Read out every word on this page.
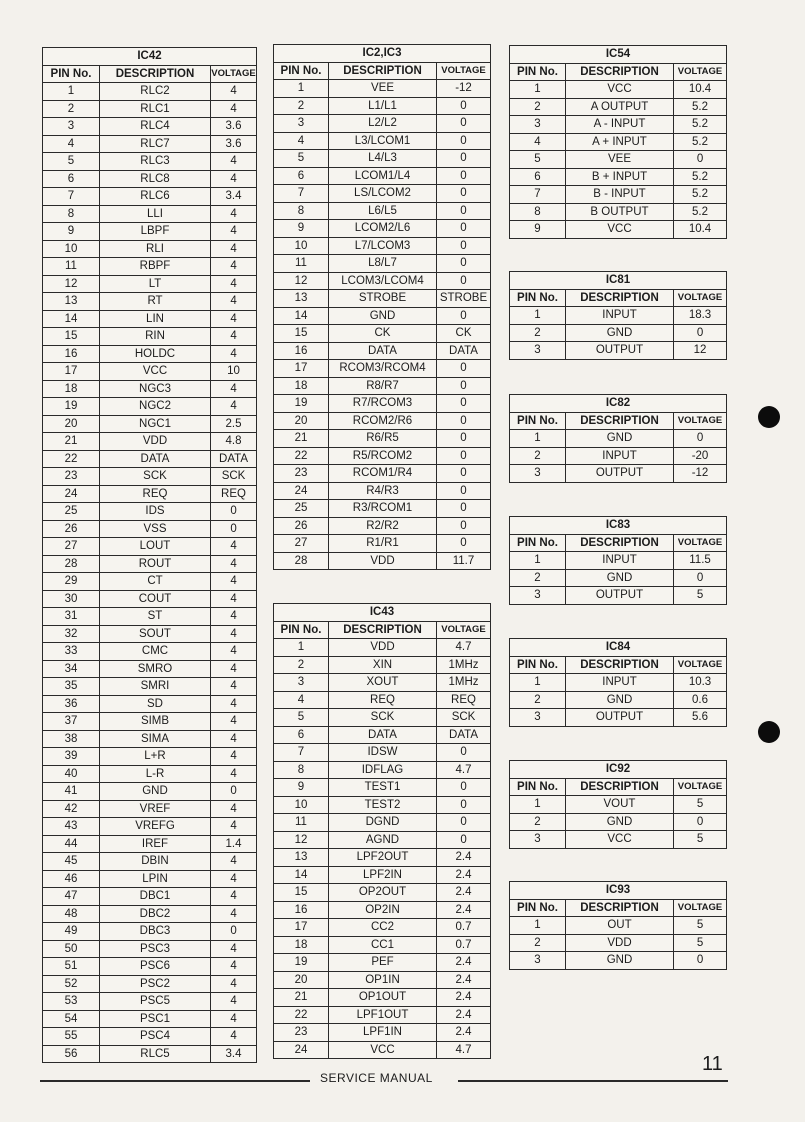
IC42		
PIN No.	DESCRIPTION	VOLTAGE
1	RLC2	4
2	RLC1	4
3	RLC4	3.6
4	RLC7	3.6
5	RLC3	4
6	RLC8	4
7	RLC6	3.4
8	LLI	4
9	LBPF	4
10	RLI	4
11	RBPF	4
12	LT	4
13	RT	4
14	LIN	4
15	RIN	4
16	HOLDC	4
17	VCC	10
18	NGC3	4
19	NGC2	4
20	NGC1	2.5
21	VDD	4.8
22	DATA	DATA
23	SCK	SCK
24	REQ	REQ
25	IDS	0
26	VSS	0
27	LOUT	4
28	ROUT	4
29	CT	4
30	COUT	4
31	ST	4
32	SOUT	4
33	CMC	4
34	SMRO	4
35	SMRI	4
36	SD	4
37	SIMB	4
38	SIMA	4
39	L+R	4
40	L-R	4
41	GND	0
42	VREF	4
43	VREFG	4
44	IREF	1.4
45	DBIN	4
46	LPIN	4
47	DBC1	4
48	DBC2	4
49	DBC3	0
50	PSC3	4
51	PSC6	4
52	PSC2	4
53	PSC5	4
54	PSC1	4
55	PSC4	4
56	RLC5	3.4
IC2,IC3		
PIN No.	DESCRIPTION	VOLTAGE
1	VEE	-12
2	L1/L1	0
3	L2/L2	0
4	L3/LCOM1	0
5	L4/L3	0
6	LCOM1/L4	0
7	LS/LCOM2	0
8	L6/L5	0
9	LCOM2/L6	0
10	L7/LCOM3	0
11	L8/L7	0
12	LCOM3/LCOM4	0
13	STROBE	STROBE
14	GND	0
15	CK	CK
16	DATA	DATA
17	RCOM3/RCOM4	0
18	R8/R7	0
19	R7/RCOM3	0
20	RCOM2/R6	0
21	R6/R5	0
22	R5/RCOM2	0
23	RCOM1/R4	0
24	R4/R3	0
25	R3/RCOM1	0
26	R2/R2	0
27	R1/R1	0
28	VDD	11.7
IC43		
PIN No.	DESCRIPTION	VOLTAGE
1	VDD	4.7
2	XIN	1MHz
3	XOUT	1MHz
4	REQ	REQ
5	SCK	SCK
6	DATA	DATA
7	IDSW	0
8	IDFLAG	4.7
9	TEST1	0
10	TEST2	0
11	DGND	0
12	AGND	0
13	LPF2OUT	2.4
14	LPF2IN	2.4
15	OP2OUT	2.4
16	OP2IN	2.4
17	CC2	0.7
18	CC1	0.7
19	PEF	2.4
20	OP1IN	2.4
21	OP1OUT	2.4
22	LPF1OUT	2.4
23	LPF1IN	2.4
24	VCC	4.7
IC54		
PIN No.	DESCRIPTION	VOLTAGE
1	VCC	10.4
2	A OUTPUT	5.2
3	A - INPUT	5.2
4	A + INPUT	5.2
5	VEE	0
6	B + INPUT	5.2
7	B - INPUT	5.2
8	B OUTPUT	5.2
9	VCC	10.4
IC81		
PIN No.	DESCRIPTION	VOLTAGE
1	INPUT	18.3
2	GND	0
3	OUTPUT	12
IC82		
PIN No.	DESCRIPTION	VOLTAGE
1	GND	0
2	INPUT	-20
3	OUTPUT	-12
IC83		
PIN No.	DESCRIPTION	VOLTAGE
1	INPUT	11.5
2	GND	0
3	OUTPUT	5
IC84		
PIN No.	DESCRIPTION	VOLTAGE
1	INPUT	10.3
2	GND	0.6
3	OUTPUT	5.6
IC92		
PIN No.	DESCRIPTION	VOLTAGE
1	VOUT	5
2	GND	0
3	VCC	5
IC93		
PIN No.	DESCRIPTION	VOLTAGE
1	OUT	5
2	VDD	5
3	GND	0
SERVICE MANUAL
11
